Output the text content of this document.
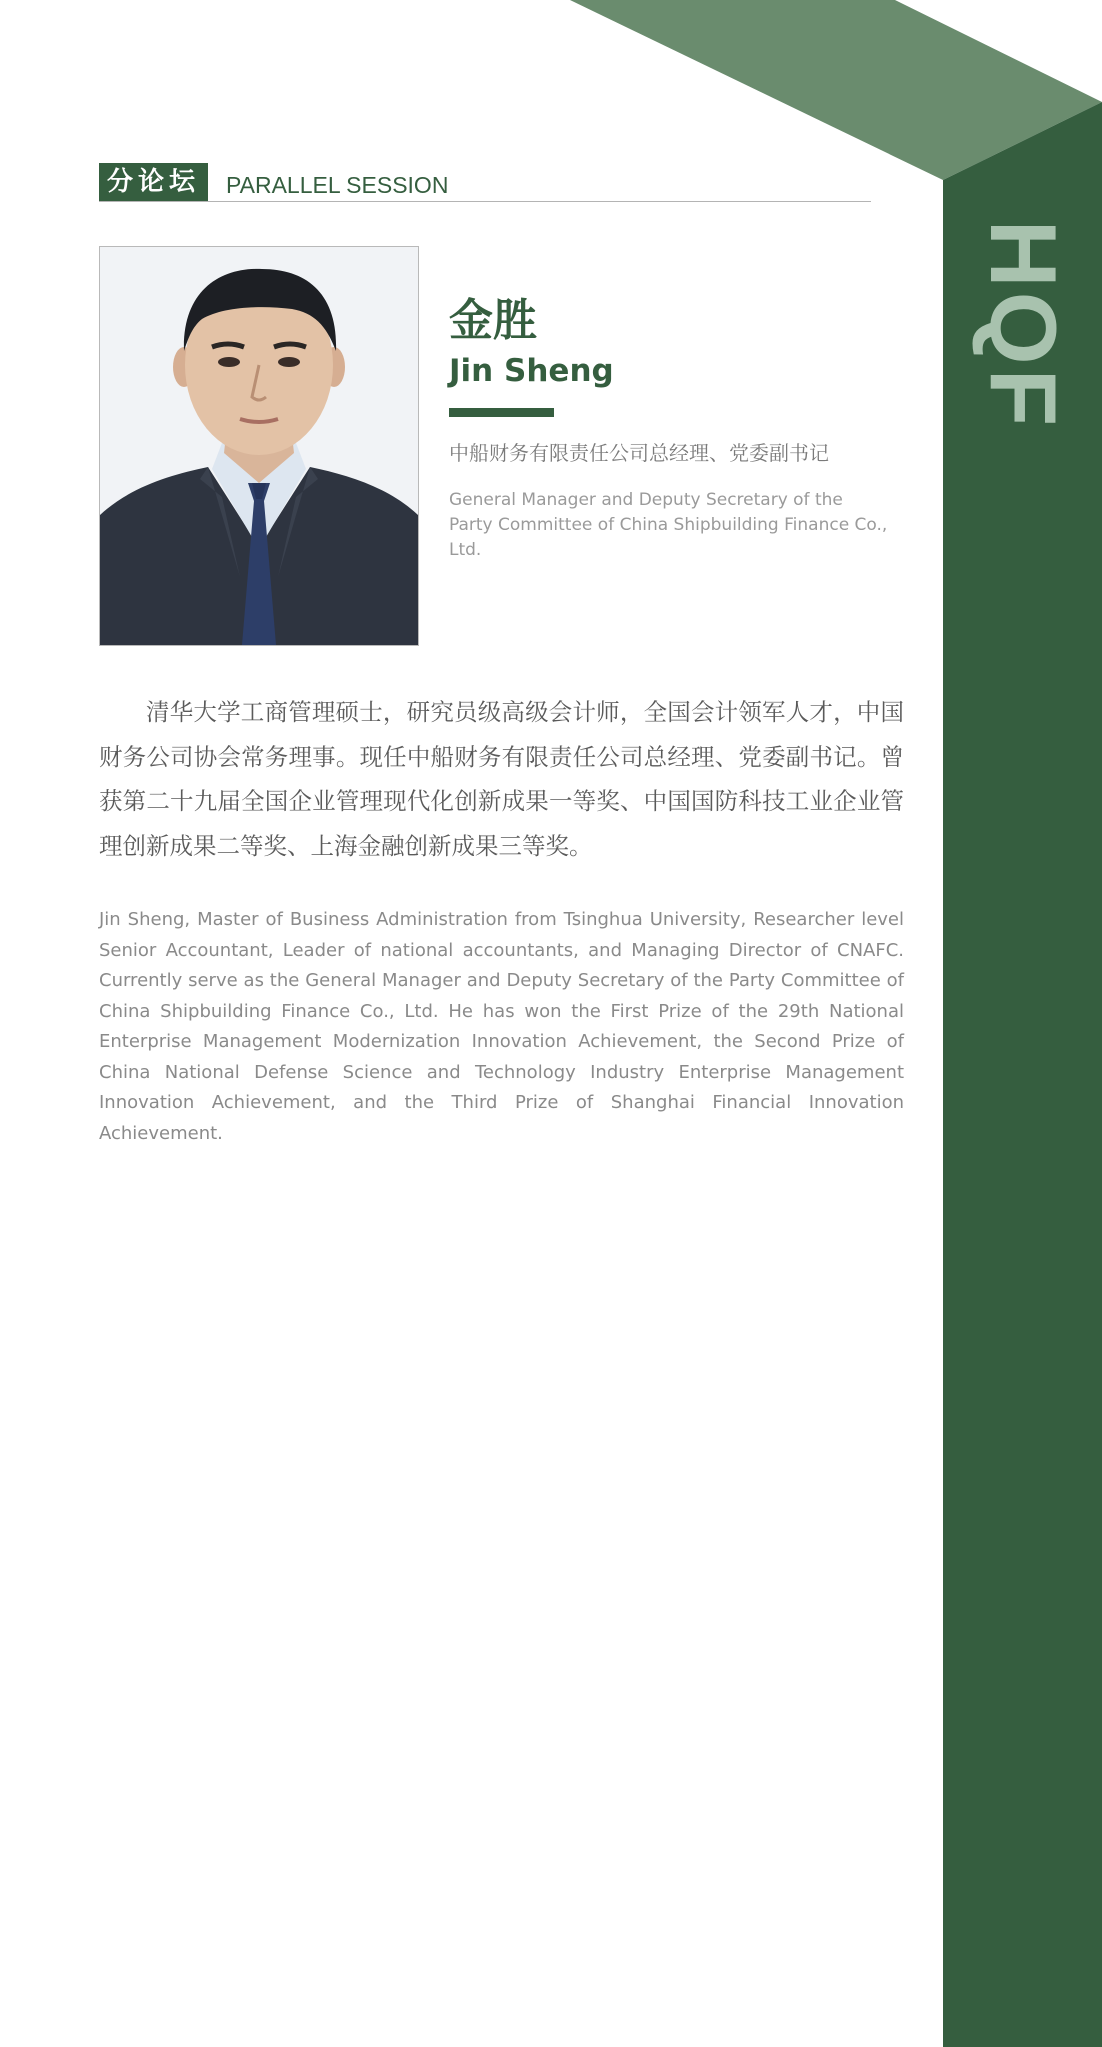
HQF
分论坛	PARALLEL SESSION
金胜
Jin Sheng
中船财务有限责任公司总经理、党委副书记
General Manager and Deputy Secretary of the Party Committee of China Shipbuilding Finance Co., Ltd.

清华大学工商管理硕士，研究员级高级会计师，全国会计领军人才，中国财务公司协会常务理事。现任中船财务有限责任公司总经理、党委副书记。曾获第二十九届全国企业管理现代化创新成果一等奖、中国国防科技工业企业管理创新成果二等奖、上海金融创新成果三等奖。

Jin Sheng, Master of Business Administration from Tsinghua University, Researcher level Senior Accountant, Leader of national accountants, and Managing Director of CNAFC. Currently serve as the General Manager and Deputy Secretary of the Party Committee of China Shipbuilding Finance Co., Ltd. He has won the First Prize of the 29th National Enterprise Management Modernization Innovation Achievement, the Second Prize of China National Defense Science and Technology Industry Enterprise Management Innovation Achievement, and the Third Prize of Shanghai Financial Innovation Achievement.
